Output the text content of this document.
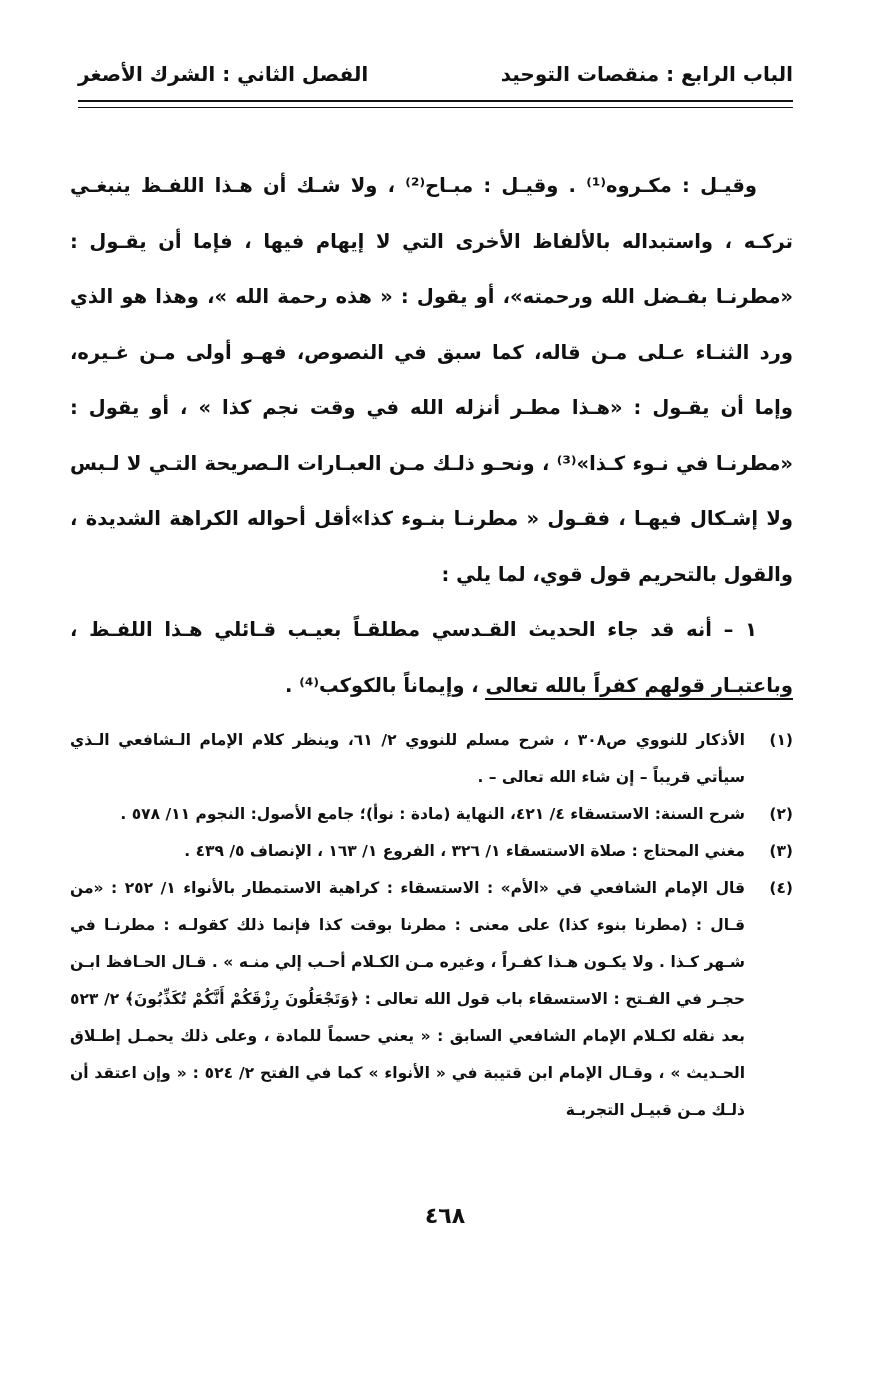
الباب الرابع : منقصات التوحيد
الفصل الثاني : الشرك الأصغر

وقيـل : مكـروه⁽¹⁾ . وقيـل : مبـاح⁽²⁾ ، ولا شـك أن هـذا اللفـظ ينبغـي تركـه ، واستبداله بالألفاظ الأخرى التي لا إيهام فيها ، فإما أن يقـول : «مطرنـا بفـضل الله ورحمته»، أو يقول : « هذه رحمة الله »، وهذا هو الذي ورد الثنـاء عـلى مـن قاله، كما سبق في النصوص، فهـو أولى مـن غـيره، وإما أن يقـول : «هـذا مطـر أنزله الله في وقت نجم كذا » ، أو يقول : «مطرنـا في نـوء كـذا»⁽³⁾ ، ونحـو ذلـك مـن العبـارات الـصريحة التـي لا لـبس ولا إشـكال فيهـا ، فقـول « مطرنـا بنـوء كذا»أقل أحواله الكراهة الشديدة ، والقول بالتحريم قول قوي، لما يلي :

١ – أنه قد جاء الحديث القـدسي مطلقـاً بعيـب قـائلي هـذا اللفـظ ، وباعتبـار قولهم كفراً بالله تعالى ، وإيماناً بالكوكب⁽⁴⁾ .

(١)
الأذكار للنووي ص٣٠٨ ، شرح مسلم للنووي ٢/ ٦١، وينظر كلام الإمام الـشافعي الـذي سيأتي قريباً – إن شاء الله تعالى – .
(٢)
شرح السنة: الاستسقاء ٤/ ٤٢١، النهاية (مادة : نوأ)؛ جامع الأصول: النجوم ١١/ ٥٧٨ .
(٣)
مغني المحتاج : صلاة الاستسقاء ١/ ٣٢٦ ، الفروع ١/ ١٦٣ ، الإنصاف ٥/ ٤٣٩ .
(٤)
قال الإمام الشافعي في «الأم» : الاستسقاء : كراهية الاستمطار بالأنواء ١/ ٢٥٢ : «من قـال : (مطرنا بنوء كذا) على معنى : مطرنا بوقت كذا فإنما ذلك كقولـه : مطرنـا في شـهر كـذا . ولا يكـون هـذا كفـراً ، وغيره مـن الكـلام أحـب إلي منـه » . قـال الحـافظ ابـن حجـر في الفـتح : الاستسقاء باب قول الله تعالى : ﴿وَتَجْعَلُونَ رِزْقَكُمْ أَنَّكُمْ تُكَذِّبُونَ﴾ ٢/ ٥٢٣ بعد نقله لكـلام الإمام الشافعي السابق : « يعني حسماً للمادة ، وعلى ذلك يحمـل إطـلاق الحـديث » ، وقـال الإمام ابن قتيبة في « الأنواء » كما في الفتح ٢/ ٥٢٤ : « وإن اعتقد أن ذلـك مـن قبيـل التجربـة
٤٦٨
